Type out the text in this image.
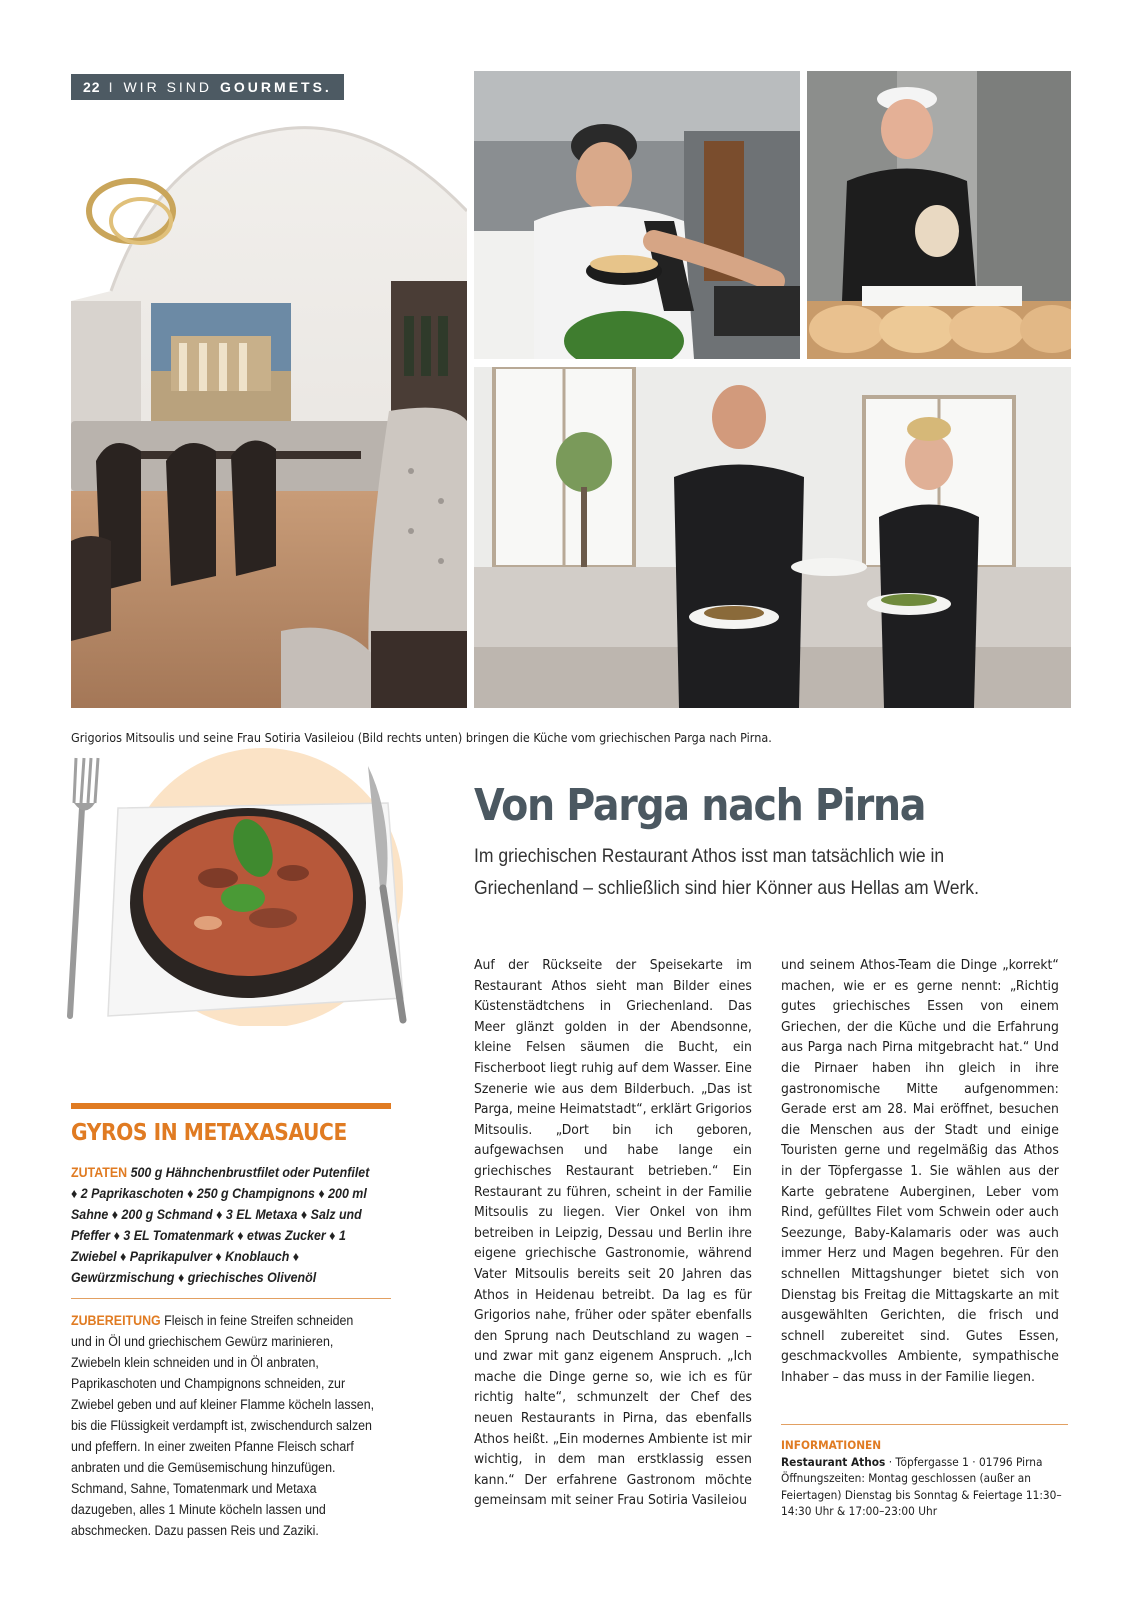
22 I WIR SIND GOURMETS.
Grigorios Mitsoulis und seine Frau Sotiria Vasileiou (Bild rechts unten) bringen die Küche vom griechischen Parga nach Pirna.
Von Parga nach Pirna
Im griechischen Restaurant Athos isst man tatsächlich wie in Griechenland – schließlich sind hier Könner aus Hellas am Werk.
Auf der Rückseite der Speisekarte im Restaurant Athos sieht man Bilder eines Küstenstädtchens in Griechenland. Das Meer glänzt golden in der Abendsonne, kleine Felsen säumen die Bucht, ein Fischerboot liegt ruhig auf dem Wasser. Eine Szenerie wie aus dem Bilderbuch. „Das ist Parga, meine Heimatstadt“, erklärt Grigorios Mitsoulis. „Dort bin ich geboren, aufgewachsen und habe lange ein griechisches Restaurant betrieben.“ Ein Restaurant zu führen, scheint in der Familie Mitsoulis zu liegen. Vier Onkel von ihm betreiben in Leipzig, Dessau und Berlin ihre eigene griechische Gastronomie, während Vater Mitsoulis bereits seit 20 Jahren das Athos in Heidenau betreibt. Da lag es für Grigorios nahe, früher oder später ebenfalls den Sprung nach Deutschland zu wagen – und zwar mit ganz eigenem Anspruch. „Ich mache die Dinge gerne so, wie ich es für richtig halte“, schmunzelt der Chef des neuen Restaurants in Pirna, das ebenfalls Athos heißt. „Ein modernes Ambiente ist mir wichtig, in dem man erstklassig essen kann.“ Der erfahrene Gastronom möchte gemeinsam mit seiner Frau Sotiria Vasileiou
und seinem Athos-Team die Dinge „korrekt“ machen, wie er es gerne nennt: „Richtig gutes griechisches Essen von einem Griechen, der die Küche und die Erfahrung aus Parga nach Pirna mitgebracht hat.“ Und die Pirnaer haben ihn gleich in ihre gastronomische Mitte aufgenommen: Gerade erst am 28. Mai eröffnet, besuchen die Menschen aus der Stadt und einige Touristen gerne und regelmäßig das Athos in der Töpfergasse 1. Sie wählen aus der Karte gebratene Auberginen, Leber vom Rind, gefülltes Filet vom Schwein oder auch Seezunge, Baby-Kalamaris oder was auch immer Herz und Magen begehren. Für den schnellen Mittagshunger bietet sich von Dienstag bis Freitag die Mittagskarte an mit ausgewählten Gerichten, die frisch und schnell zubereitet sind. Gutes Essen, geschmackvolles Ambiente, sympathische Inhaber – das muss in der Familie liegen.
INFORMATIONEN
Restaurant Athos · Töpfergasse 1 · 01796 Pirna
Öffnungszeiten: Montag geschlossen (außer an Feiertagen) Dienstag bis Sonntag & Feiertage 11:30–14:30 Uhr & 17:00–23:00 Uhr
GYROS IN METAXASAUCE
ZUTATEN 500 g Hähnchenbrustfilet oder Putenfilet ♦ 2 Paprikaschoten ♦ 250 g Champignons ♦ 200 ml Sahne ♦ 200 g Schmand ♦ 3 EL Metaxa ♦ Salz und Pfeffer ♦ 3 EL Tomatenmark ♦ etwas Zucker ♦ 1 Zwiebel ♦ Paprikapulver ♦ Knoblauch ♦ Gewürzmischung ♦ griechisches Olivenöl
ZUBEREITUNG Fleisch in feine Streifen schneiden und in Öl und griechischem Gewürz marinieren, Zwiebeln klein schneiden und in Öl anbraten, Paprikaschoten und Champignons schneiden, zur Zwiebel geben und auf kleiner Flamme köcheln lassen, bis die Flüssigkeit verdampft ist, zwischendurch salzen und pfeffern. In einer zweiten Pfanne Fleisch scharf anbraten und die Gemüsemischung hinzufügen. Schmand, Sahne, Tomatenmark und Metaxa dazugeben, alles 1 Minute köcheln lassen und abschmecken. Dazu passen Reis und Zaziki.
